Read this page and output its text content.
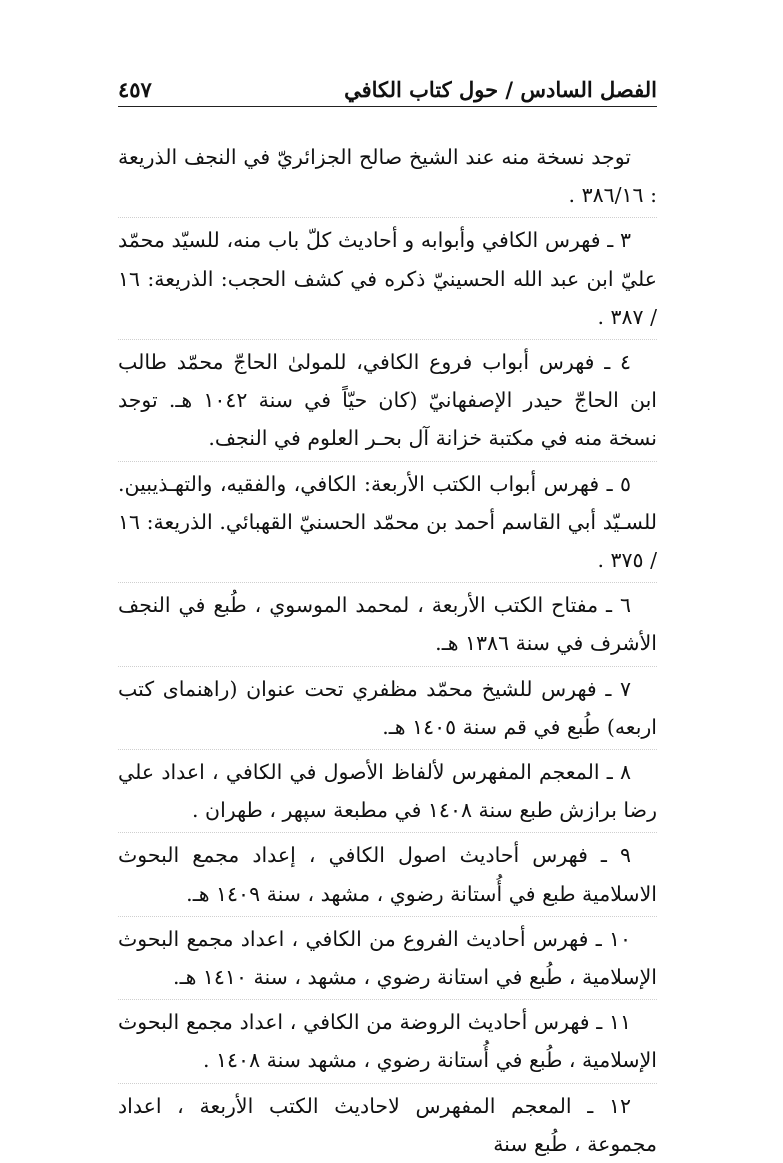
٤٥٧	الفصل السادس / حول كتاب الكافي

توجد نسخة منه عند الشيخ صالح الجزائريّ في النجف الذريعة : ٣٨٦/١٦ .

٣ ـ فهرس الكافي وأبوابه و أحاديث كلّ باب منه، للسيّد محمّد عليّ ابن عبد الله الحسينيّ ذكره في كشف الحجب: الذريعة: ١٦ / ٣٨٧ .

٤ ـ فهرس أبواب فروع الكافي، للمولىٰ الحاجّ محمّد طالب ابن الحاجّ حيدر الإصفهانيّ (كان حيّاً في سنة ١٠٤٢ هـ. توجد نسخة منه في مكتبة خزانة آل بحـر العلوم في النجف.

٥ ـ فهرس أبواب الكتب الأربعة: الكافي، والفقيه، والتهـذيبين. للسـيّد أبي القاسم أحمد بن محمّد الحسنيّ القهبائي. الذريعة: ١٦ / ٣٧٥ .

٦ ـ مفتاح الكتب الأربعة ، لمحمد الموسوي ، طُبع في النجف الأشرف في سنة ١٣٨٦ هـ.

٧ ـ فهرس للشيخ محمّد مظفري تحت عنوان (راهنماى كتب اربعه) طُبع في قم سنة ١٤٠٥ هـ.

٨ ـ المعجم المفهرس لألفاظ الأصول في الكافي ، اعداد علي رضا برازش طبع سنة ١٤٠٨ في مطبعة سپهر ، طهران .

٩ ـ فهرس أحاديث اصول الكافي ، إعداد مجمع البحوث الاسلامية طبع في أُستانة رضوي ، مشهد ، سنة ١٤٠٩ هـ.

١٠ ـ فهرس أحاديث الفروع من الكافي ، اعداد مجمع البحوث الإسلامية ، طُبع في استانة رضوي ، مشهد ، سنة ١٤١٠ هـ.

١١ ـ فهرس أحاديث الروضة من الكافي ، اعداد مجمع البحوث الإسلامية ، طُبع في أُستانة رضوي ، مشهد سنة ١٤٠٨ .

١٢ ـ المعجم المفهرس لاحاديث الكتب الأربعة ، اعداد مجموعة ، طُبع سنة
